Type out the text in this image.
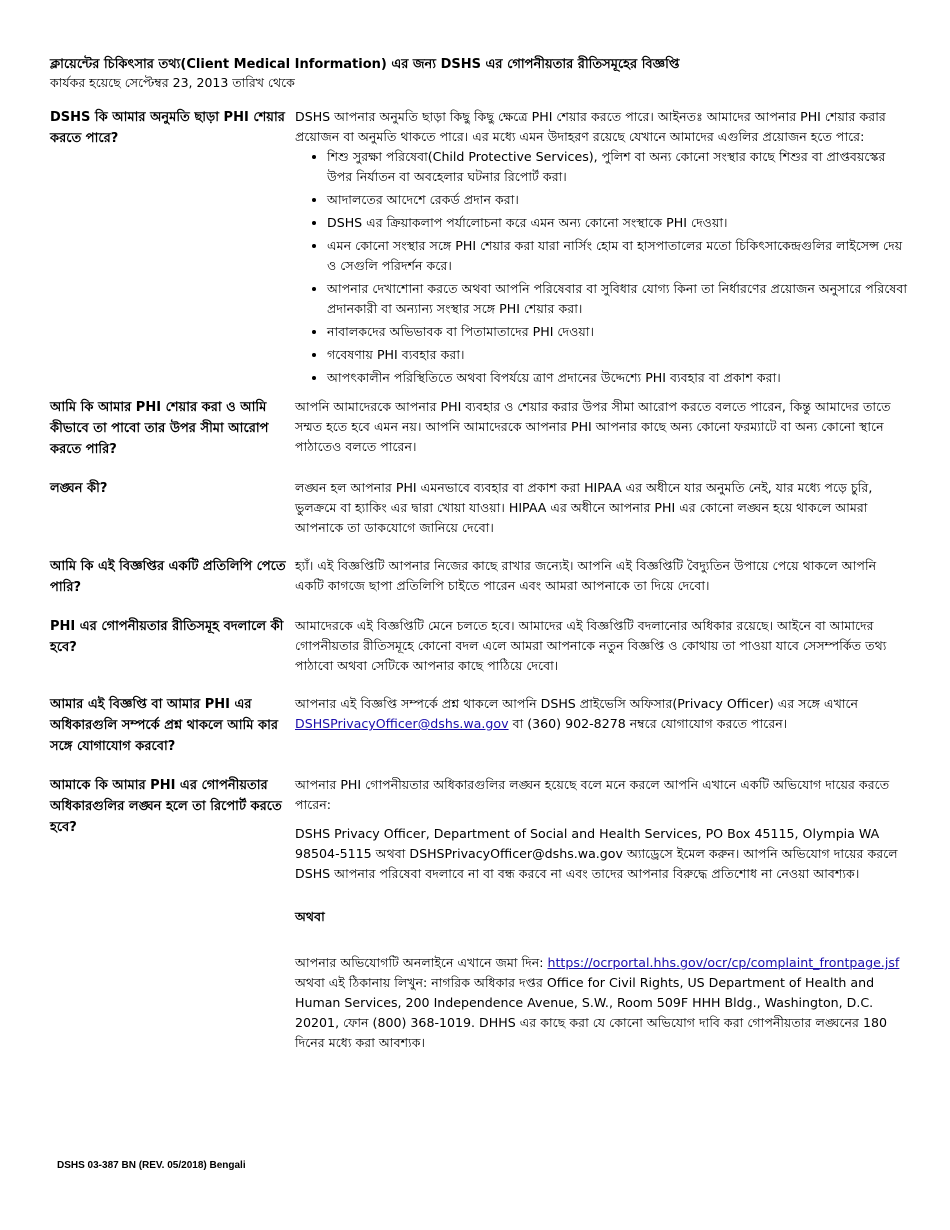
ক্লায়েন্টের চিকিৎসার তথ্য(Client Medical Information) এর জন্য DSHS এর গোপনীয়তার রীতিসমূহের বিজ্ঞপ্তি

কার্যকর হয়েছে সেপ্টেম্বর 23, 2013 তারিখ থেকে

DSHS কি আমার অনুমতি ছাড়া PHI শেয়ার করতে পারে?

DSHS আপনার অনুমতি ছাড়া কিছু কিছু ক্ষেত্রে PHI শেয়ার করতে পারে। আইনতঃ আমাদের আপনার PHI শেয়ার করার প্রয়োজন বা অনুমতি থাকতে পারে। এর মধ্যে এমন উদাহরণ রয়েছে যেখানে আমাদের এগুলির প্রয়োজন হতে পারে:

• শিশু সুরক্ষা পরিষেবা(Child Protective Services), পুলিশ বা অন্য কোনো সংস্থার কাছে শিশুর বা প্রাপ্তবয়স্কের উপর নির্যাতন বা অবহেলার ঘটনার রিপোর্ট করা।
• আদালতের আদেশে রেকর্ড প্রদান করা।
• DSHS এর ক্রিয়াকলাপ পর্যালোচনা করে এমন অন্য কোনো সংস্থাকে PHI দেওয়া।
• এমন কোনো সংস্থার সঙ্গে PHI শেয়ার করা যারা নার্সিং হোম বা হাসপাতালের মতো চিকিৎসাকেন্দ্রগুলির লাইসেন্স দেয় ও সেগুলি পরিদর্শন করে।
• আপনার দেখাশোনা করতে অথবা আপনি পরিষেবার বা সুবিধার যোগ্য কিনা তা নির্ধারণের প্রয়োজন অনুসারে পরিষেবা প্রদানকারী বা অন্যান্য সংস্থার সঙ্গে PHI শেয়ার করা।
• নাবালকদের অভিভাবক বা পিতামাতাদের PHI দেওয়া।
• গবেষণায় PHI ব্যবহার করা।
• আপৎকালীন পরিস্থিতিতে অথবা বিপর্যয়ে ত্রাণ প্রদানের উদ্দেশ্যে PHI ব্যবহার বা প্রকাশ করা।
আমি কি আমার PHI শেয়ার করা ও আমি কীভাবে তা পাবো তার উপর সীমা আরোপ করতে পারি?

আপনি আমাদেরকে আপনার PHI ব্যবহার ও শেয়ার করার উপর সীমা আরোপ করতে বলতে পারেন, কিন্তু আমাদের তাতে সম্মত হতে হবে এমন নয়। আপনি আমাদেরকে আপনার PHI আপনার কাছে অন্য কোনো ফরম্যাটে বা অন্য কোনো স্থানে পাঠাতেও বলতে পারেন।

লঙ্ঘন কী?	লঙ্ঘন হল আপনার PHI এমনভাবে ব্যবহার বা প্রকাশ করা HIPAA এর অধীনে যার অনুমতি নেই, যার মধ্যে পড়ে চুরি, ভুলক্রমে বা হ্যাকিং এর দ্বারা খোয়া যাওয়া। HIPAA এর অধীনে আপনার PHI এর কোনো লঙ্ঘন হয়ে থাকলে আমরা আপনাকে তা ডাকযোগে জানিয়ে দেবো।

আমি কি এই বিজ্ঞপ্তির একটি প্রতিলিপি পেতে পারি?

হ্যাঁ। এই বিজ্ঞপ্তিটি আপনার নিজের কাছে রাখার জন্যেই। আপনি এই বিজ্ঞপ্তিটি বৈদ্যুতিন উপায়ে পেয়ে থাকলে আপনি একটি কাগজে ছাপা প্রতিলিপি চাইতে পারেন এবং আমরা আপনাকে তা দিয়ে দেবো।

PHI এর গোপনীয়তার রীতিসমূহ বদলালে কী হবে?

আমাদেরকে এই বিজ্ঞপ্তিটি মেনে চলতে হবে। আমাদের এই বিজ্ঞপ্তিটি বদলানোর অধিকার রয়েছে। আইনে বা আমাদের গোপনীয়তার রীতিসমূহে কোনো বদল এলে আমরা আপনাকে নতুন বিজ্ঞপ্তি ও কোথায় তা পাওয়া যাবে সেসম্পর্কিত তথ্য পাঠাবো অথবা সেটিকে আপনার কাছে পাঠিয়ে দেবো।

আমার এই বিজ্ঞপ্তি বা আমার PHI এর অধিকারগুলি সম্পর্কে প্রশ্ন থাকলে আমি কার সঙ্গে যোগাযোগ করবো?

আপনার এই বিজ্ঞপ্তি সম্পর্কে প্রশ্ন থাকলে আপনি DSHS প্রাইভেসি অফিসার(Privacy Officer) এর সঙ্গে এখানে
DSHSPrivacyOfficer@dshs.wa.gov বা (360) 902-8278 নম্বরে যোগাযোগ করতে পারেন।

আমাকে কি আমার PHI এর গোপনীয়তার অধিকারগুলির লঙ্ঘন হলে তা রিপোর্ট করতে হবে?

আপনার PHI গোপনীয়তার অধিকারগুলির লঙ্ঘন হয়েছে বলে মনে করলে আপনি এখানে একটি অভিযোগ দায়ের করতে পারেন:

DSHS Privacy Officer, Department of Social and Health Services, PO Box 45115, Olympia WA 98504-5115 অথবা DSHSPrivacyOfficer@dshs.wa.gov অ্যাড্রেসে ইমেল করুন। আপনি অভিযোগ দায়ের করলে DSHS আপনার পরিষেবা বদলাবে না বা বন্ধ করবে না এবং তাদের আপনার বিরুদ্ধে প্রতিশোধ না নেওয়া আবশ্যক।

অথবা

আপনার অভিযোগটি অনলাইনে এখানে জমা দিন: https://ocrportal.hhs.gov/ocr/cp/complaint_frontpage.jsf অথবা এই ঠিকানায় লিখুন: নাগরিক অধিকার দপ্তর Office for Civil Rights, US Department of Health and Human Services, 200 Independence Avenue, S.W., Room 509F HHH Bldg., Washington, D.C. 20201, ফোন (800) 368-1019. DHHS এর কাছে করা যে কোনো অভিযোগ দাবি করা গোপনীয়তার লঙ্ঘনের 180 দিনের মধ্যে করা আবশ্যক।

DSHS 03-387 BN (REV. 05/2018) Bengali
